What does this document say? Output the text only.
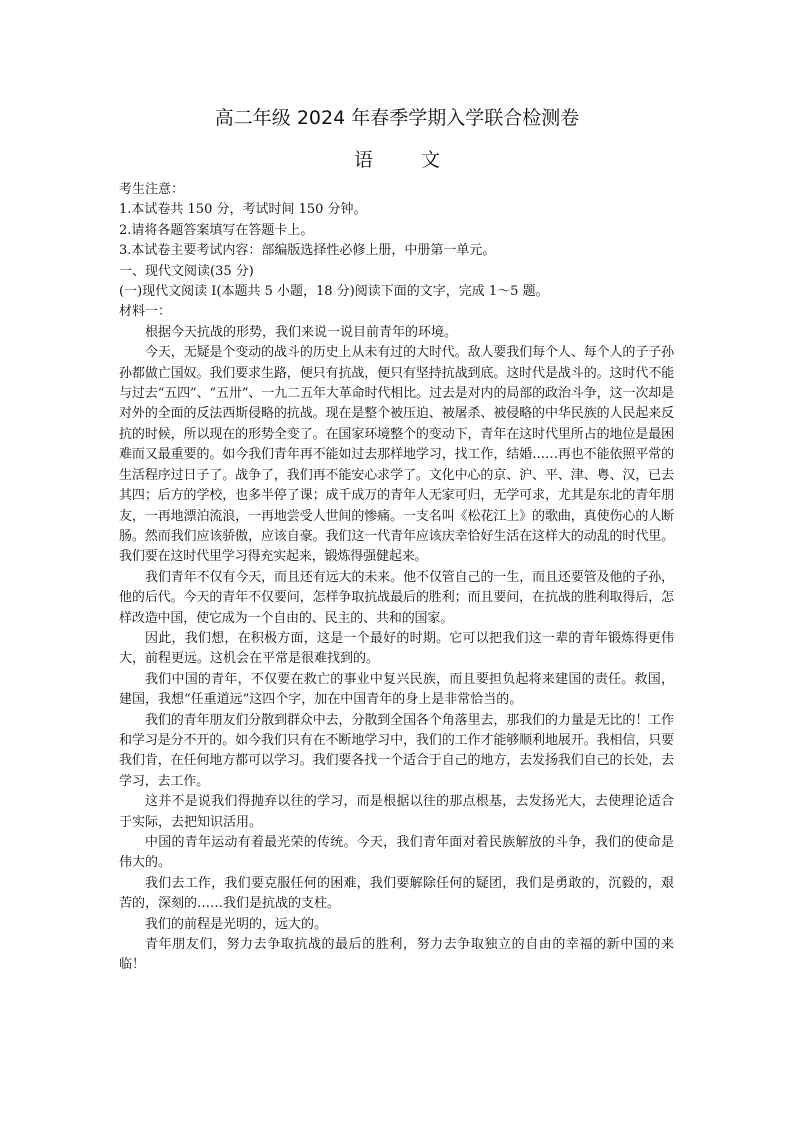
高二年级 2024 年春季学期入学联合检测卷
语文

考生注意：

1.本试卷共 150 分，考试时间 150 分钟。

2.请将各题答案填写在答题卡上。

3.本试卷主要考试内容：部编版选择性必修上册，中册第一单元。

一、现代文阅读(35 分)

(一)现代文阅读 I(本题共 5 小题，18 分)阅读下面的文字，完成 1～5 题。

材料一：

根据今天抗战的形势，我们来说一说目前青年的环境。

今天，无疑是个变动的战斗的历史上从未有过的大时代。敌人要我们每个人、每个人的子子孙孙都做亡国奴。我们要求生路，便只有抗战，便只有坚持抗战到底。这时代是战斗的。这时代不能与过去“五四”、“五卅”、一九二五年大革命时代相比。过去是对内的局部的政治斗争，这一次却是对外的全面的反法西斯侵略的抗战。现在是整个被压迫、被屠杀、被侵略的中华民族的人民起来反抗的时候，所以现在的形势全变了。在国家环境整个的变动下，青年在这时代里所占的地位是最困难而又最重要的。如今我们青年再不能如过去那样地学习，找工作，结婚……再也不能依照平常的生活程序过日子了。战争了，我们再不能安心求学了。文化中心的京、沪、平、津、粤、汉，已去其四；后方的学校，也多半停了课；成千成万的青年人无家可归，无学可求，尤其是东北的青年朋友，一再地漂泊流浪，一再地尝受人世间的惨痛。一支名叫《松花江上》的歌曲，真使伤心的人断肠。然而我们应该骄傲，应该自豪。我们这一代青年应该庆幸恰好生活在这样大的动乱的时代里。我们要在这时代里学习得充实起来，锻炼得强健起来。

我们青年不仅有今天，而且还有远大的未来。他不仅管自己的一生，而且还要管及他的子孙，他的后代。今天的青年不仅要问，怎样争取抗战最后的胜利；而且要问，在抗战的胜利取得后，怎样改造中国，使它成为一个自由的、民主的、共和的国家。

因此，我们想，在积极方面，这是一个最好的时期。它可以把我们这一辈的青年锻炼得更伟大，前程更远。这机会在平常是很难找到的。

我们中国的青年，不仅要在救亡的事业中复兴民族，而且要担负起将来建国的责任。救国，建国，我想“任重道远”这四个字，加在中国青年的身上是非常恰当的。

我们的青年朋友们分散到群众中去，分散到全国各个角落里去，那我们的力量是无比的！工作和学习是分不开的。如今我们只有在不断地学习中，我们的工作才能够顺利地展开。我相信，只要我们肯，在任何地方都可以学习。我们要各找一个适合于自己的地方，去发扬我们自己的长处，去学习，去工作。

这并不是说我们得抛弃以往的学习，而是根据以往的那点根基，去发扬光大，去使理论适合于实际，去把知识活用。

中国的青年运动有着最光荣的传统。今天，我们青年面对着民族解放的斗争，我们的使命是伟大的。

我们去工作，我们要克服任何的困难，我们要解除任何的疑团，我们是勇敢的，沉毅的，艰苦的，深刻的……我们是抗战的支柱。

我们的前程是光明的，远大的。

青年朋友们，努力去争取抗战的最后的胜利，努力去争取独立的自由的幸福的新中国的来临！
